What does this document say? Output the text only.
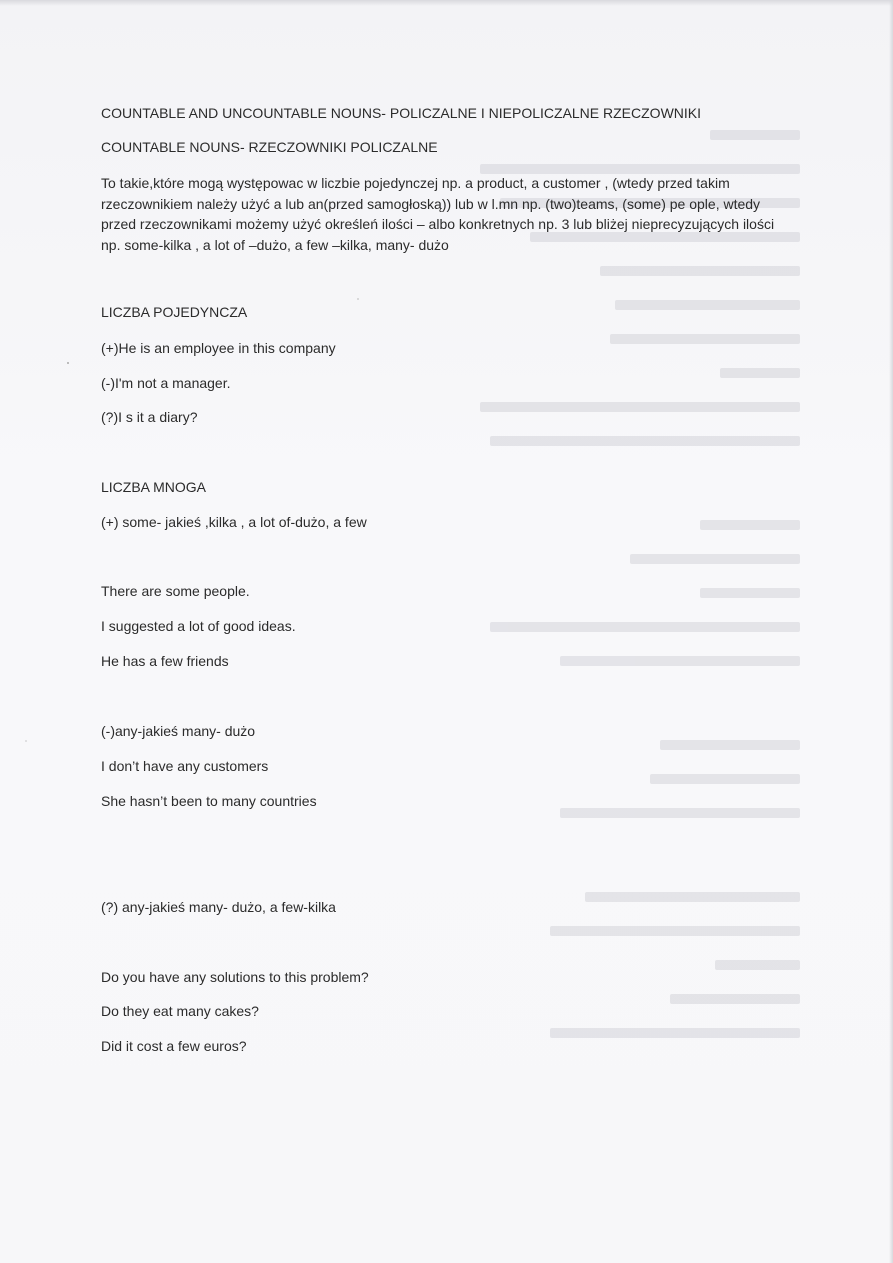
COUNTABLE AND UNCOUNTABLE NOUNS- POLICZALNE I NIEPOLICZALNE RZECZOWNIKI
COUNTABLE NOUNS- RZECZOWNIKI POLICZALNE
To takie,które mogą występowac w liczbie pojedynczej np. a product, a customer , (wtedy przed takim rzeczownikiem należy użyć a lub an(przed samogłoską)) lub w l.mn np. (two)teams, (some) pe ople, wtedy przed rzeczownikami możemy użyć określeń ilości – albo konkretnych np. 3 lub bliżej nieprecyzujących ilości np. some-kilka , a lot of –dużo, a few –kilka, many- dużo
LICZBA POJEDYNCZA
(+)He is an employee in this company
(-)I'm not a manager.
(?)I s it a diary?
LICZBA MNOGA
(+) some- jakieś ,kilka , a lot of-dużo, a few
There are some people.
I suggested a lot of good ideas.
He has a few friends
(-)any-jakieś many- dużo
I don’t have any customers
She hasn’t been to many countries
(?) any-jakieś many- dużo, a few-kilka
Do you have any solutions to this problem?
Do they eat many cakes?
Did it cost a few euros?
